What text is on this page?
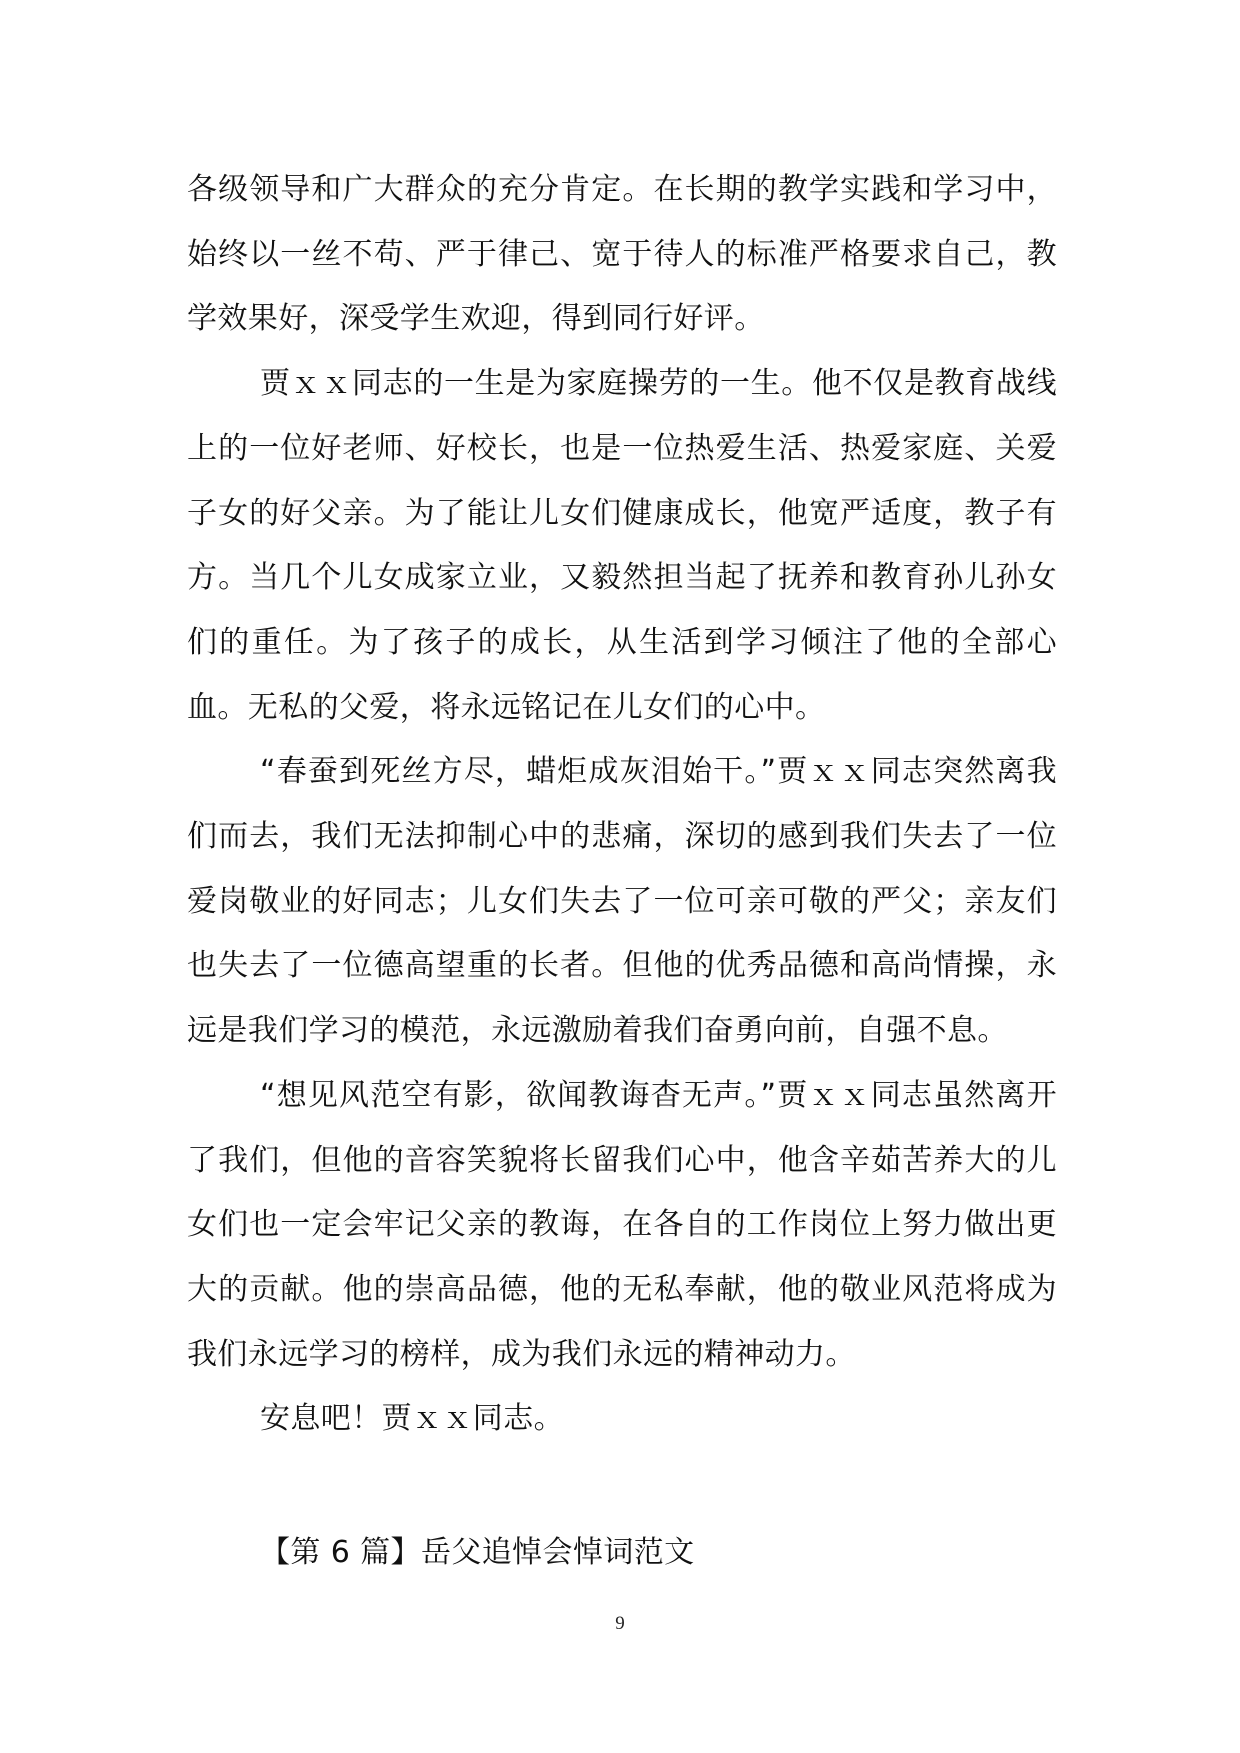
各级领导和广大群众的充分肯定。在长期的教学实践和学习中，始终以一丝不苟、严于律己、宽于待人的标准严格要求自己，教学效果好，深受学生欢迎，得到同行好评。

贾ｘｘ同志的一生是为家庭操劳的一生。他不仅是教育战线上的一位好老师、好校长，也是一位热爱生活、热爱家庭、关爱子女的好父亲。为了能让儿女们健康成长，他宽严适度，教子有方。当几个儿女成家立业，又毅然担当起了抚养和教育孙儿孙女们的重任。为了孩子的成长，从生活到学习倾注了他的全部心血。无私的父爱，将永远铭记在儿女们的心中。

“春蚕到死丝方尽，蜡炬成灰泪始干。”贾ｘｘ同志突然离我们而去，我们无法抑制心中的悲痛，深切的感到我们失去了一位爱岗敬业的好同志；儿女们失去了一位可亲可敬的严父；亲友们也失去了一位德高望重的长者。但他的优秀品德和高尚情操，永远是我们学习的模范，永远激励着我们奋勇向前，自强不息。

“想见风范空有影，欲闻教诲杳无声。”贾ｘｘ同志虽然离开了我们，但他的音容笑貌将长留我们心中，他含辛茹苦养大的儿女们也一定会牢记父亲的教诲，在各自的工作岗位上努力做出更大的贡献。他的崇高品德，他的无私奉献，他的敬业风范将成为我们永远学习的榜样，成为我们永远的精神动力。

安息吧！贾ｘｘ同志。

【第 6 篇】岳父追悼会悼词范文

9
